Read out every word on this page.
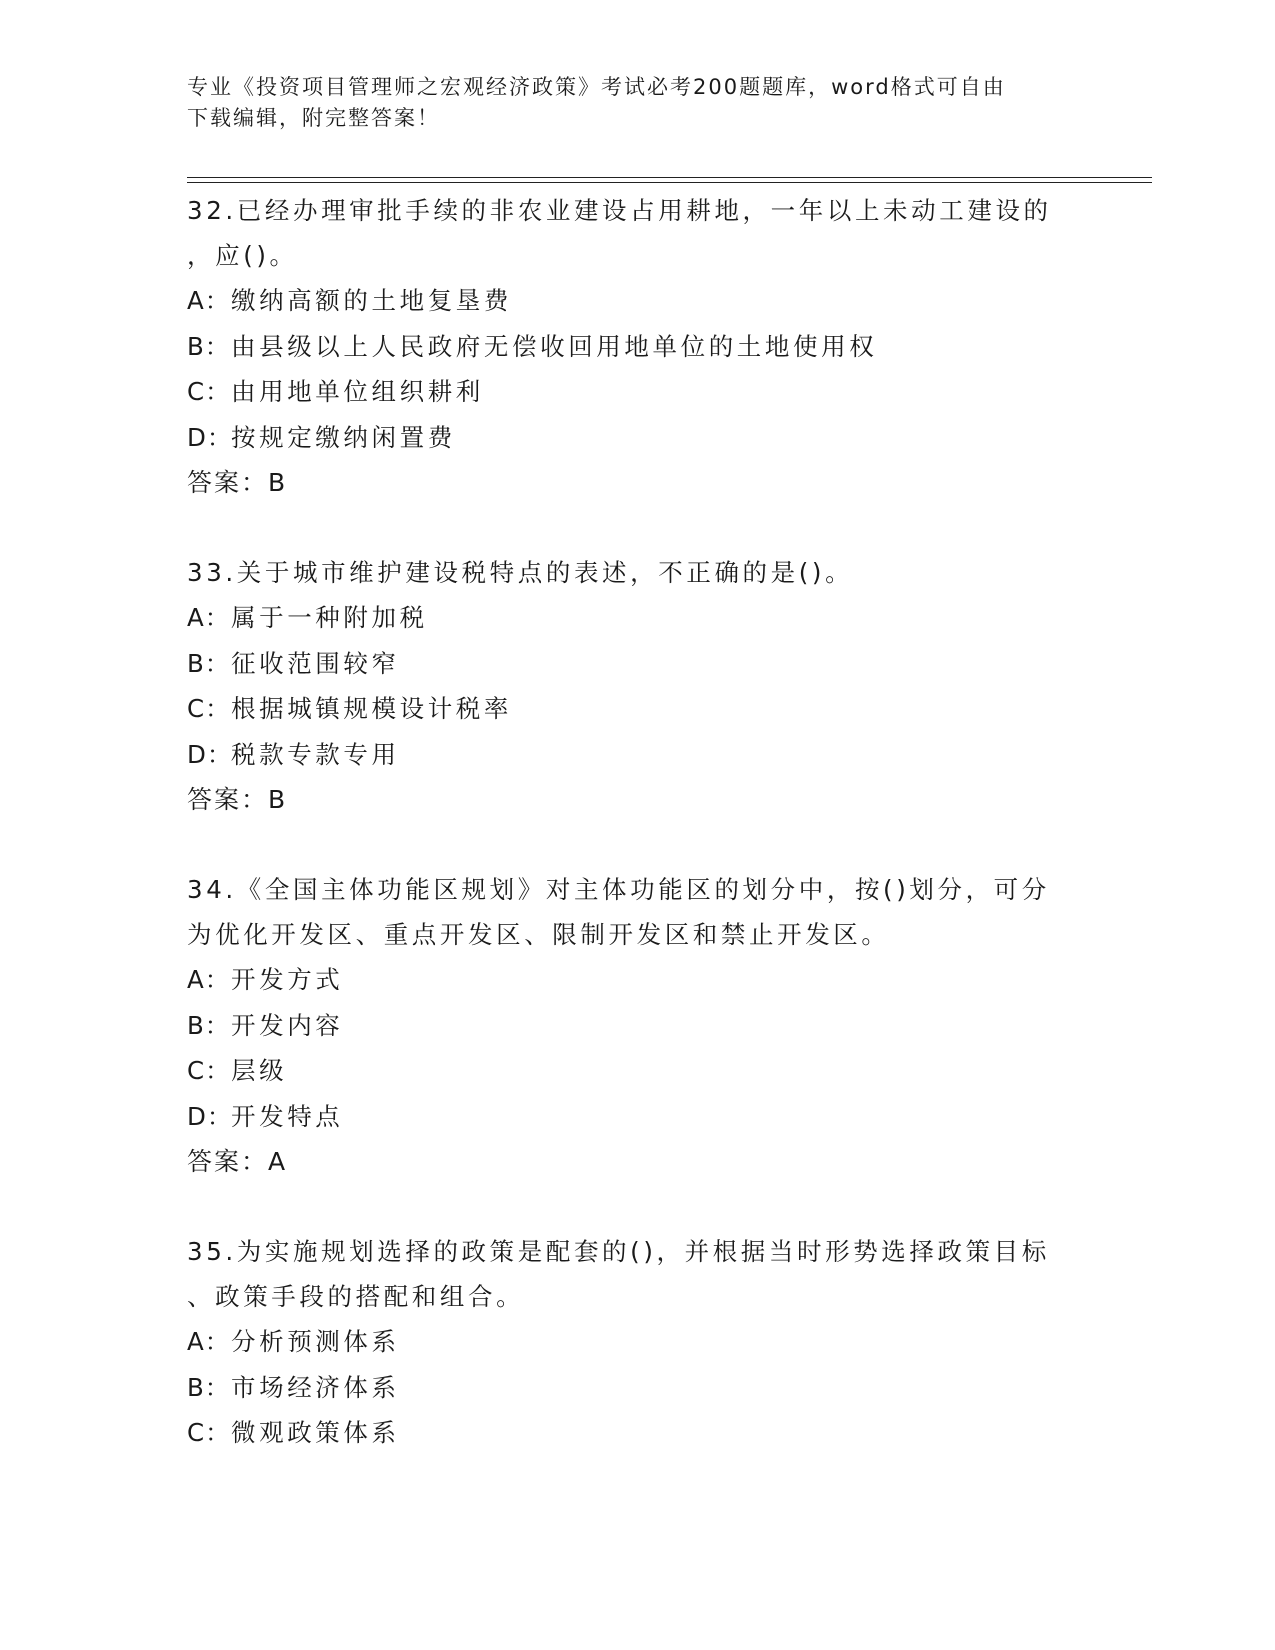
专业《投资项目管理师之宏观经济政策》考试必考200题题库，word格式可自由
下载编辑，附完整答案！
32.已经办理审批手续的非农业建设占用耕地，一年以上未动工建设的
，应()。
A：缴纳高额的土地复垦费
B：由县级以上人民政府无偿收回用地单位的土地使用权
C：由用地单位组织耕利
D：按规定缴纳闲置费
答案：B
33.关于城市维护建设税特点的表述，不正确的是()。
A：属于一种附加税
B：征收范围较窄
C：根据城镇规模设计税率
D：税款专款专用
答案：B
34.《全国主体功能区规划》对主体功能区的划分中，按()划分，可分
为优化开发区、重点开发区、限制开发区和禁止开发区。
A：开发方式
B：开发内容
C：层级
D：开发特点
答案：A
35.为实施规划选择的政策是配套的()，并根据当时形势选择政策目标
、政策手段的搭配和组合。
A：分析预测体系
B：市场经济体系
C：微观政策体系
